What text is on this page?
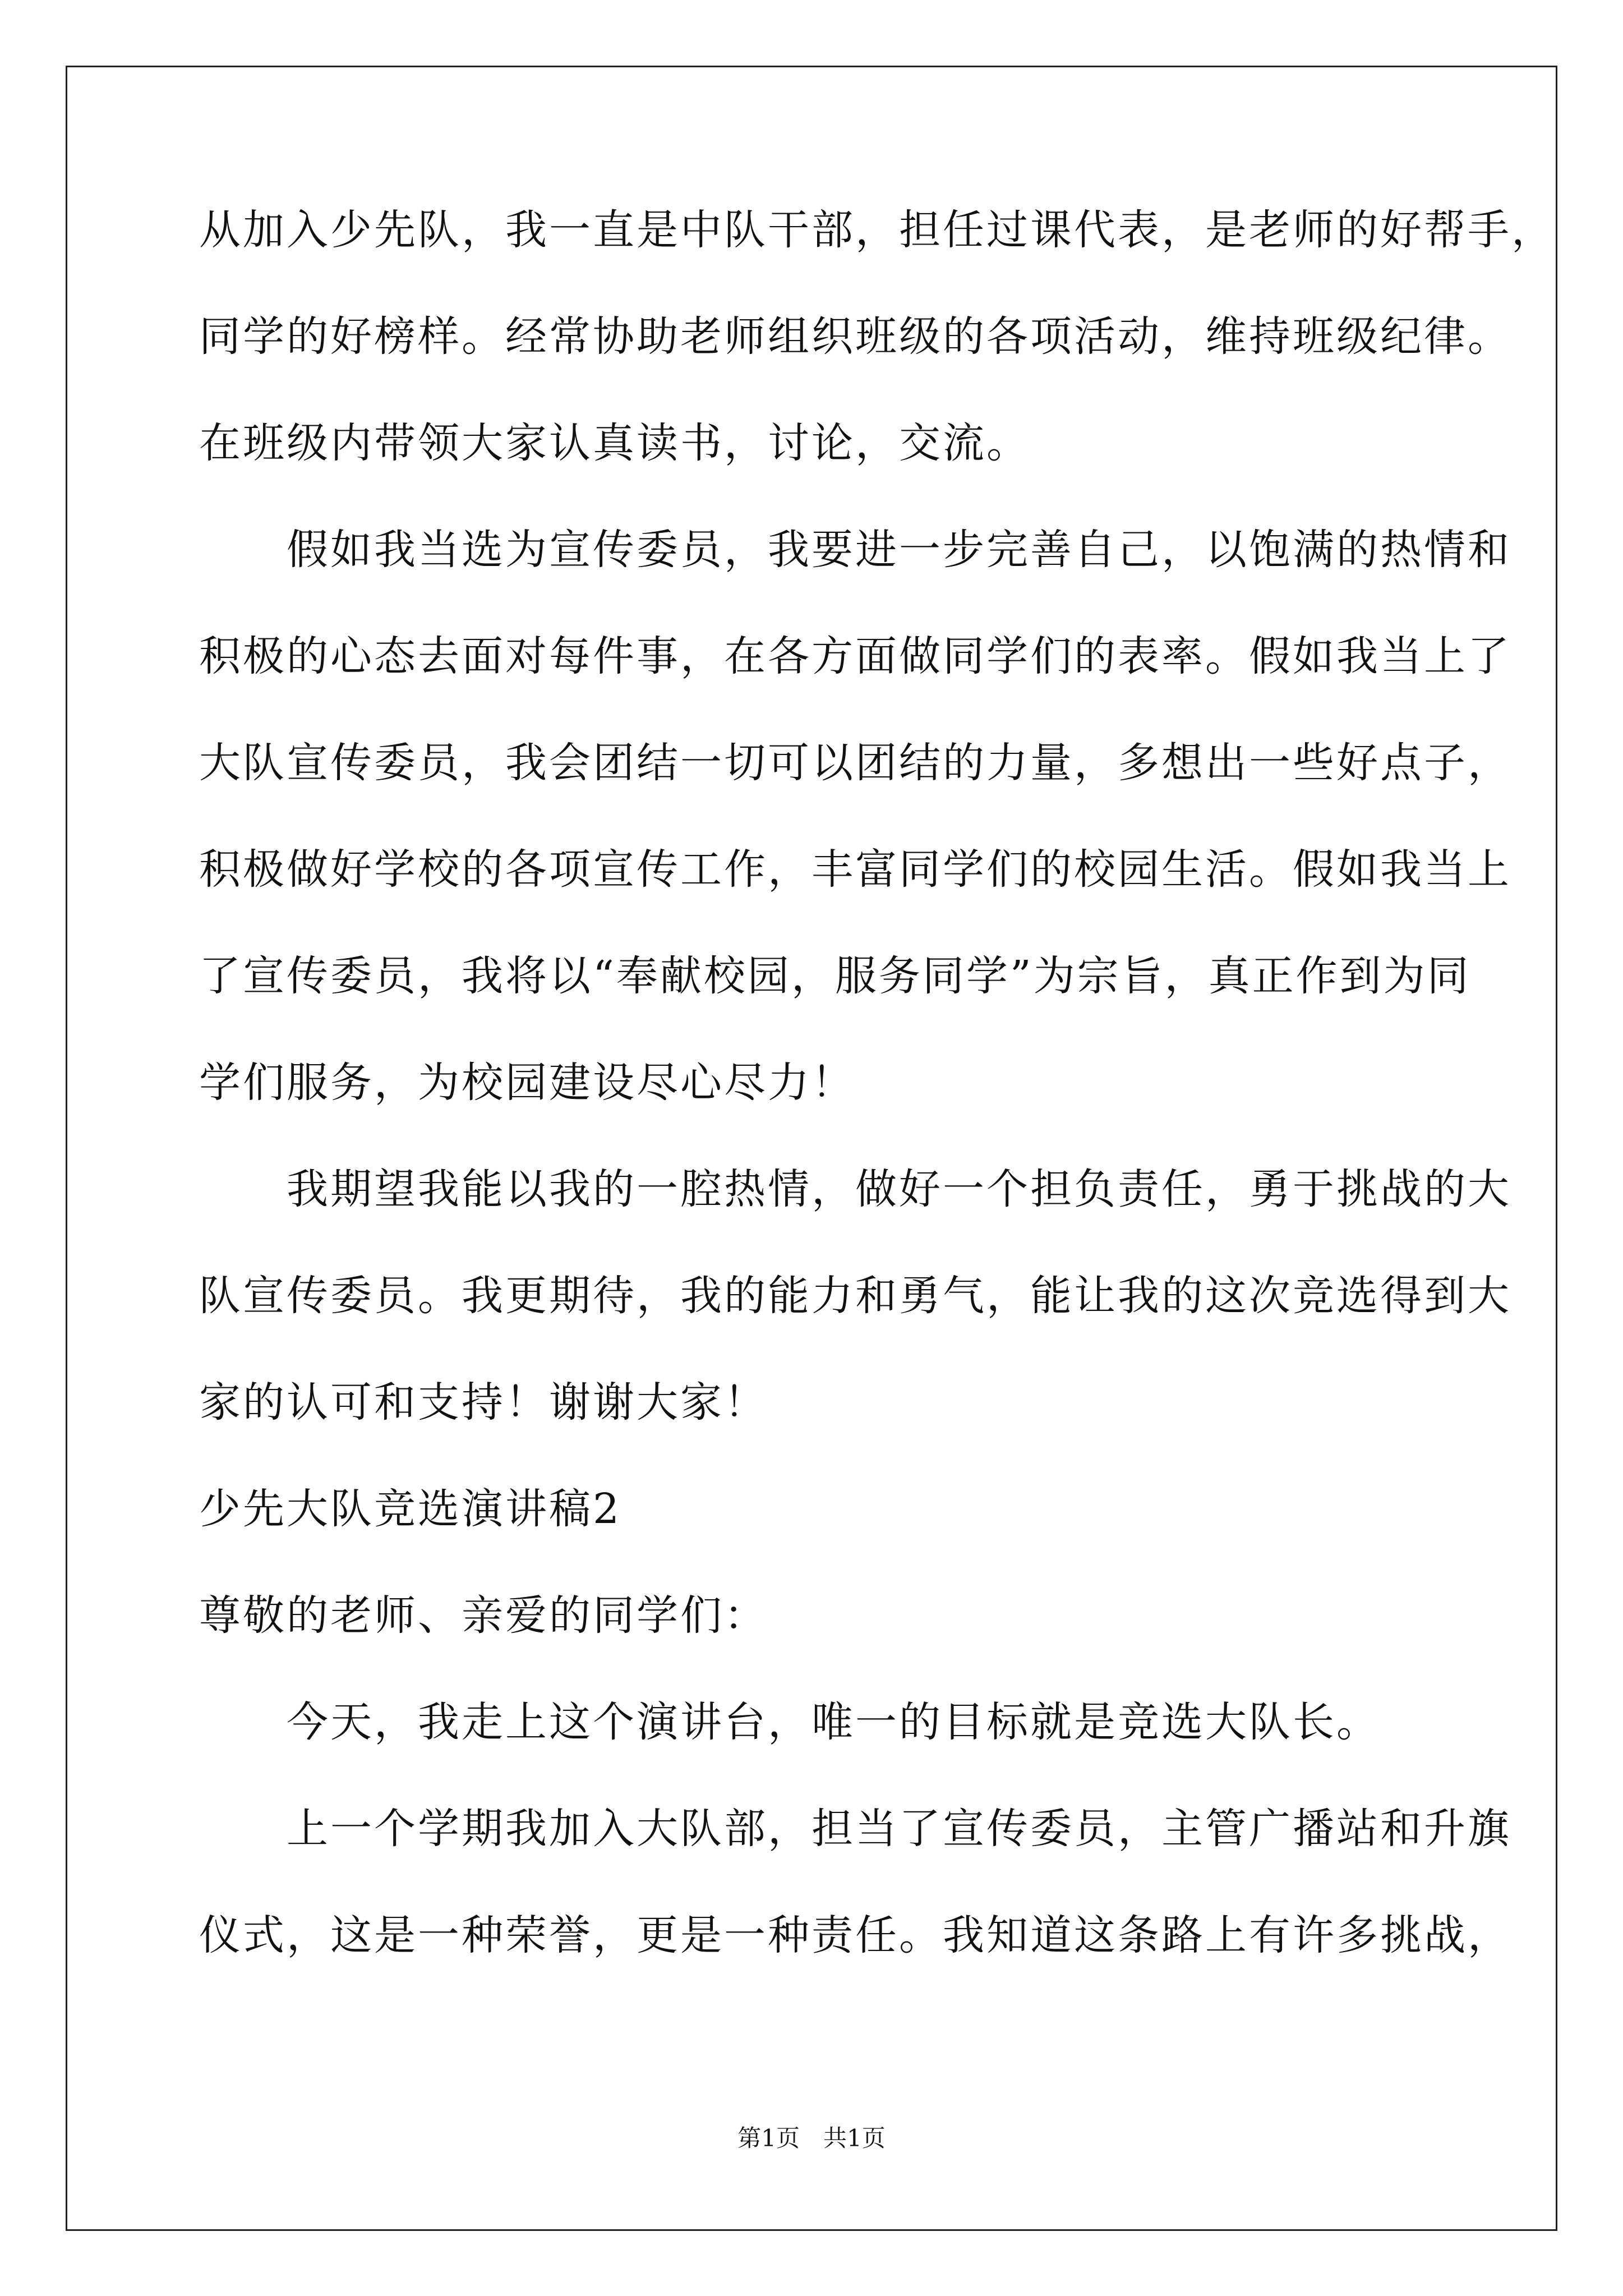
从加入少先队，我一直是中队干部，担任过课代表，是老师的好帮手，
同学的好榜样。经常协助老师组织班级的各项活动，维持班级纪律。
在班级内带领大家认真读书，讨论，交流。
　　假如我当选为宣传委员，我要进一步完善自己，以饱满的热情和
积极的心态去面对每件事，在各方面做同学们的表率。假如我当上了
大队宣传委员，我会团结一切可以团结的力量，多想出一些好点子，
积极做好学校的各项宣传工作，丰富同学们的校园生活。假如我当上
了宣传委员，我将以“奉献校园，服务同学”为宗旨，真正作到为同
学们服务，为校园建设尽心尽力！
　　我期望我能以我的一腔热情，做好一个担负责任，勇于挑战的大
队宣传委员。我更期待，我的能力和勇气，能让我的这次竞选得到大
家的认可和支持！谢谢大家！
少先大队竞选演讲稿2
尊敬的老师、亲爱的同学们：
　　今天，我走上这个演讲台，唯一的目标就是竞选大队长。
　　上一个学期我加入大队部，担当了宣传委员，主管广播站和升旗
仪式，这是一种荣誉，更是一种责任。我知道这条路上有许多挑战，
第1页　共1页
